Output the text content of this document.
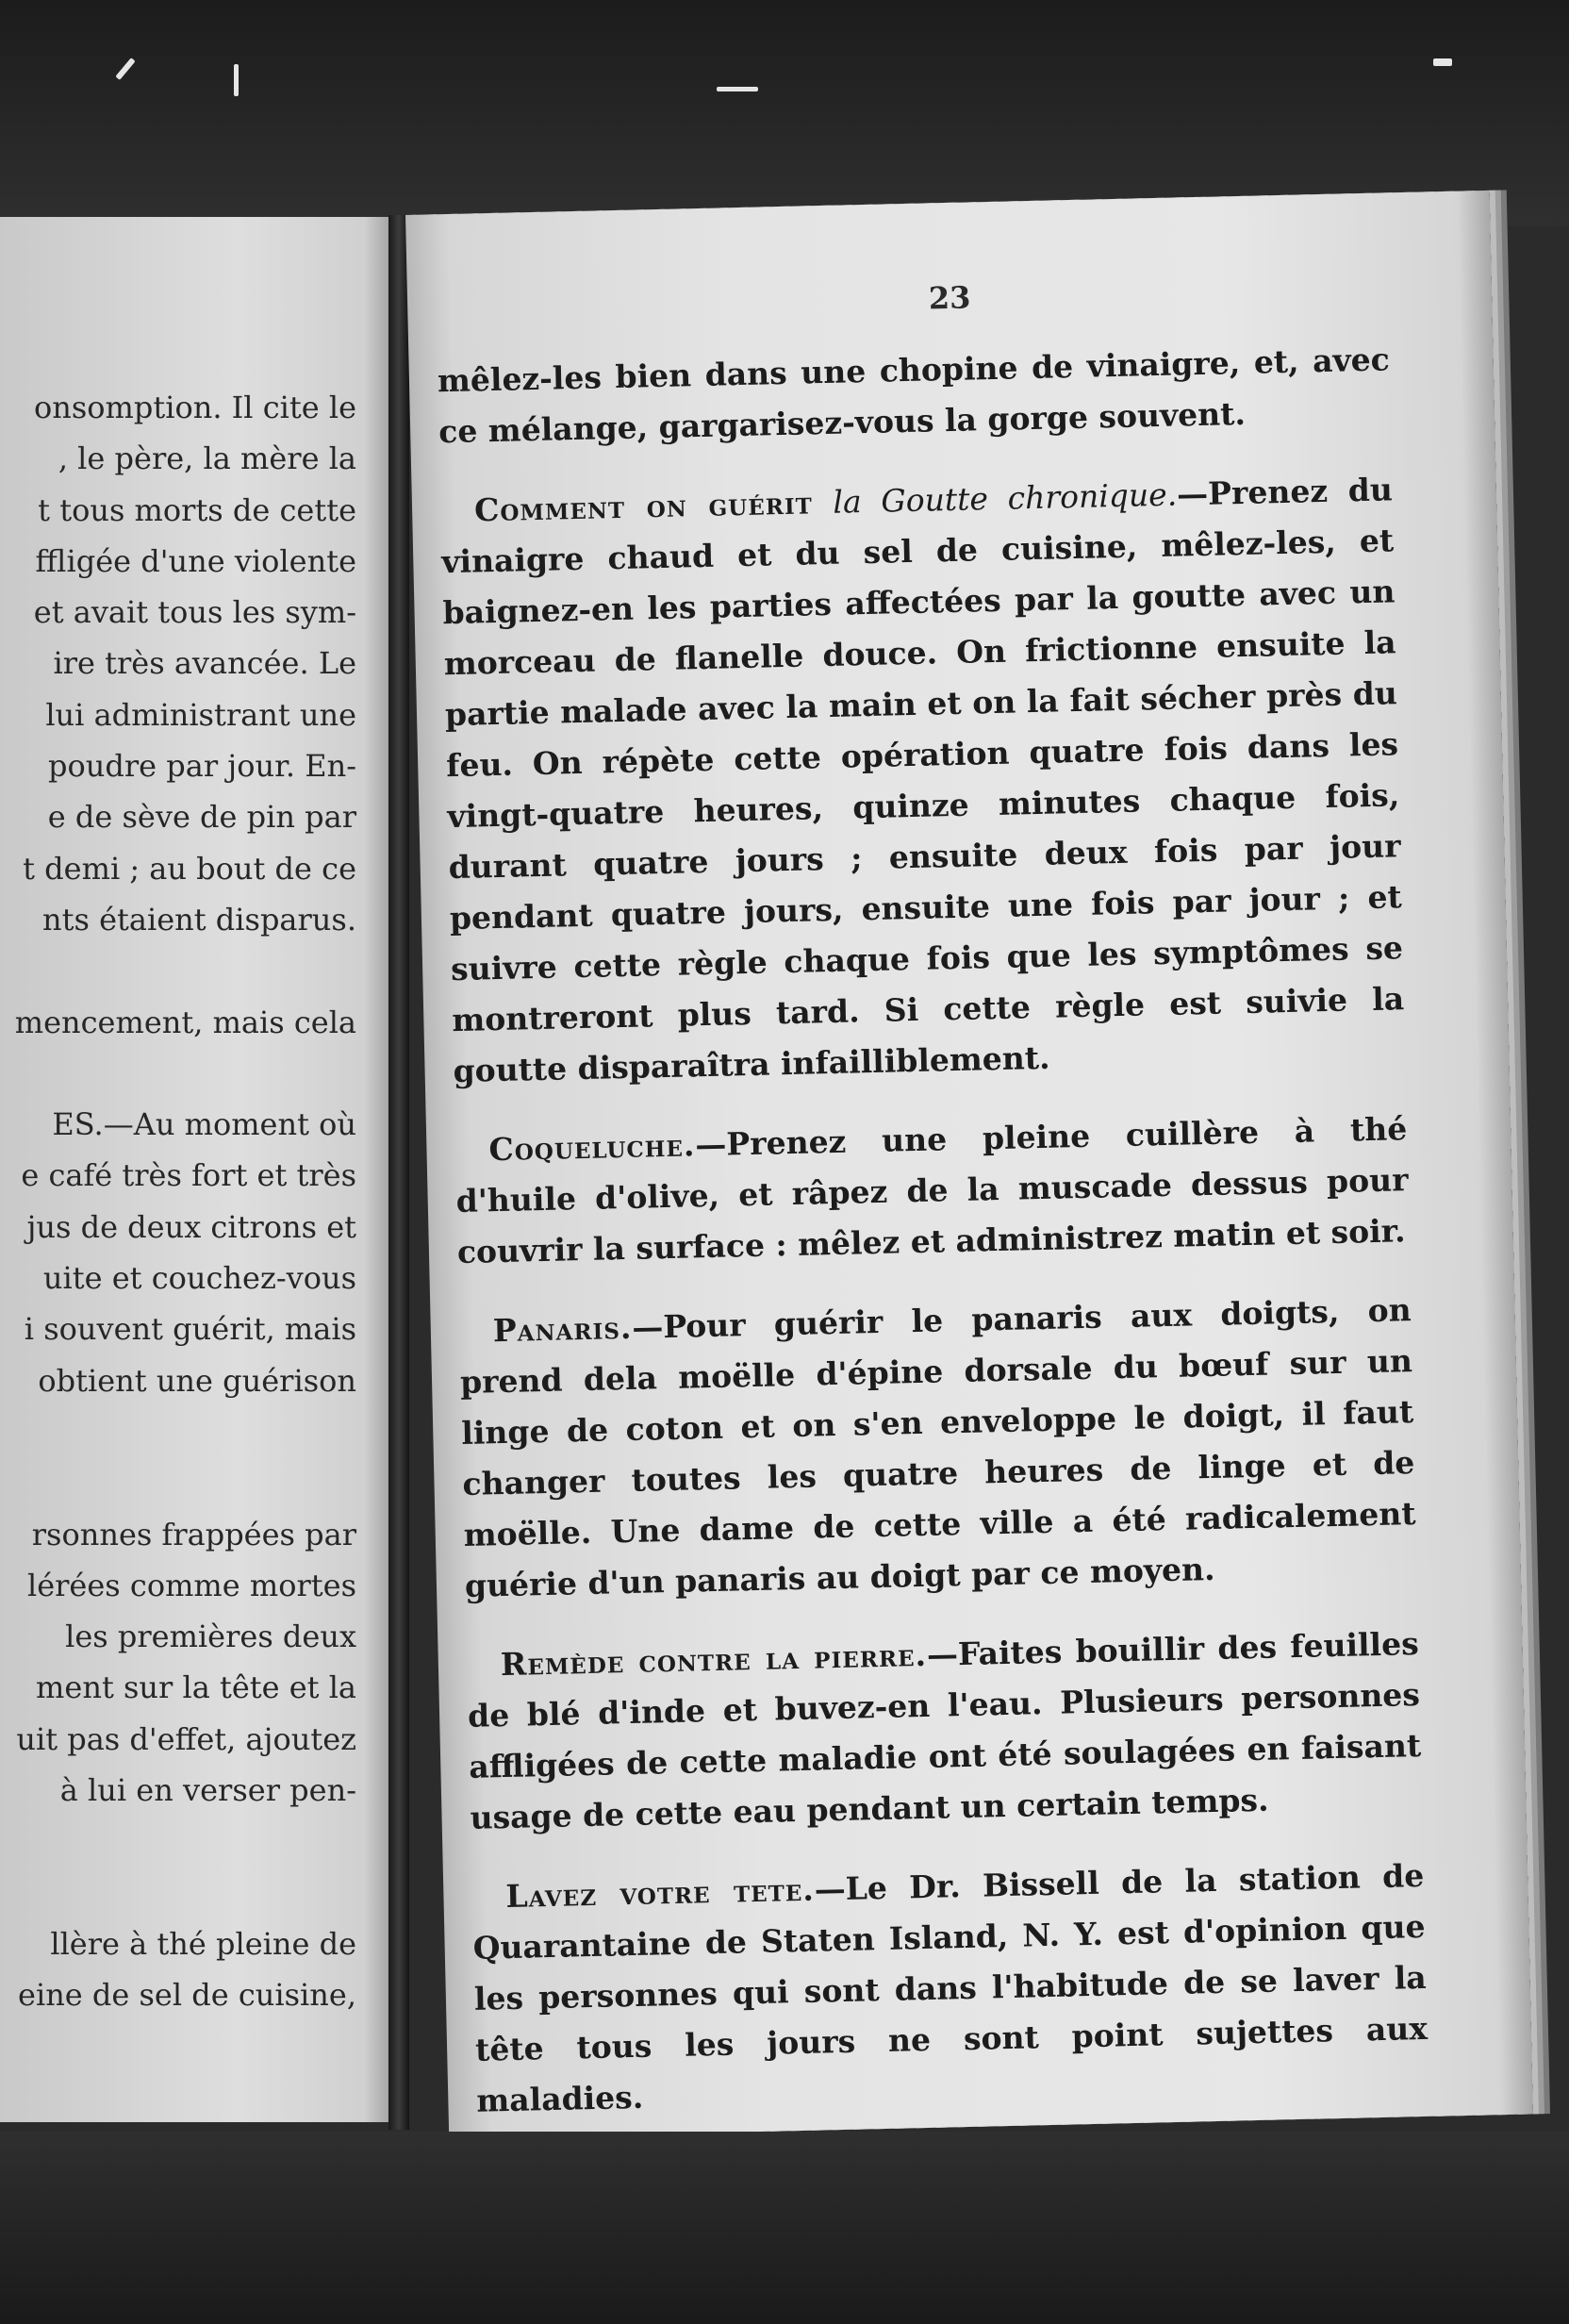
onsomption. Il cite le
, le père, la mère la
t tous morts de cette
ffligée d'une violente
et avait tous les sym-
ire très avancée. Le
lui administrant une
poudre par jour. En-
e de sève de pin par
t demi ; au bout de ce
nts étaient disparus.
mencement, mais cela
ES.—Au moment où
e café très fort et très
jus de deux citrons et
uite et couchez-vous
i souvent guérit, mais
obtient une guérison
rsonnes frappées par
lérées comme mortes
les premières deux
ment sur la tête et la
uit pas d'effet, ajoutez
à lui en verser pen-
llère à thé pleine de
eine de sel de cuisine,
23

mêlez-les bien dans une chopine de vinaigre, et, avec ce mélange, gargarisez-vous la gorge souvent.

Comment on guérit la Goutte chronique.—Prenez du vinaigre chaud et du sel de cuisine, mêlez-les, et baignez-en les parties affectées par la goutte avec un morceau de flanelle douce. On frictionne ensuite la partie malade avec la main et on la fait sécher près du feu. On répète cette opération quatre fois dans les vingt-quatre heures, quinze minutes chaque fois, durant quatre jours ; ensuite deux fois par jour pendant quatre jours, ensuite une fois par jour ; et suivre cette règle chaque fois que les symptômes se montreront plus tard. Si cette règle est suivie la goutte disparaîtra infailliblement.

Coqueluche.—Prenez une pleine cuillère à thé d'huile d'olive, et râpez de la muscade dessus pour couvrir la surface : mêlez et administrez matin et soir.

Panaris.—Pour guérir le panaris aux doigts, on prend dela moëlle d'épine dorsale du bœuf sur un linge de coton et on s'en enveloppe le doigt, il faut changer toutes les quatre heures de linge et de moëlle. Une dame de cette ville a été radicalement guérie d'un panaris au doigt par ce moyen.

Remède contre la pierre.—Faites bouillir des feuilles de blé d'inde et buvez-en l'eau. Plusieurs personnes affligées de cette maladie ont été soulagées en faisant usage de cette eau pendant un certain temps.

Lavez votre tete.—Le Dr. Bissell de la station de Quarantaine de Staten Island, N. Y. est d'opinion que les personnes qui sont dans l'habitude de se laver la tête tous les jours ne sont point sujettes aux maladies.
